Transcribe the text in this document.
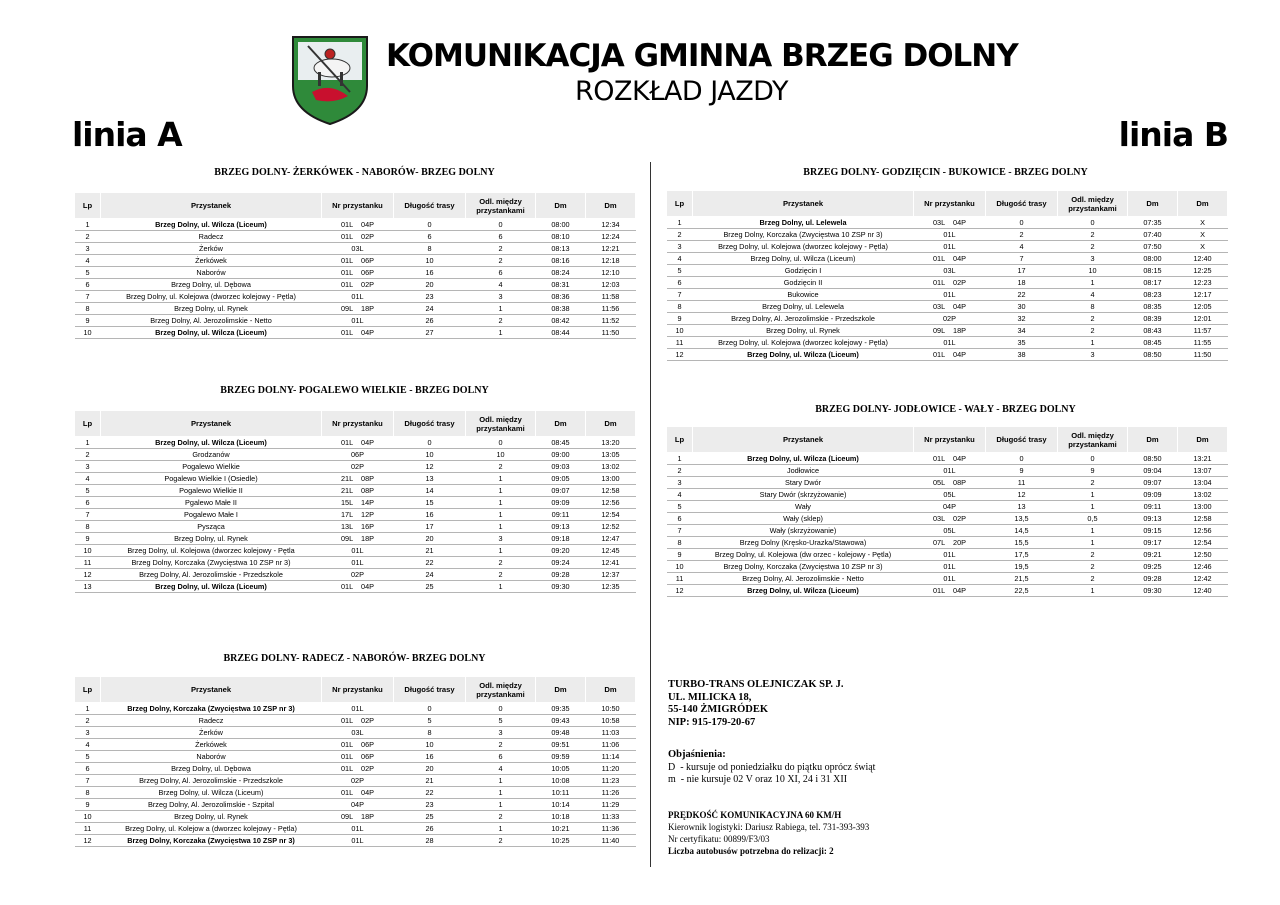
KOMUNIKACJA GMINNA BRZEG DOLNY
ROZKŁAD JAZDY
linia A	linia B
BRZEG DOLNY- ŻERKÓWEK - NABORÓW- BRZEG DOLNY
BRZEG DOLNY- POGALEWO WIELKIE - BRZEG DOLNY
BRZEG DOLNY- RADECZ - NABORÓW- BRZEG DOLNY
BRZEG DOLNY- GODZIĘCIN - BUKOWICE - BRZEG DOLNY
BRZEG DOLNY- JODŁOWICE - WAŁY - BRZEG DOLNY
Lp	Przystanek	Nr przystanku	Długość trasy	Odl. między przystankami	Dm	Dm
1	Brzeg Dolny, ul. Wilcza (Liceum)	01L    04P	0	0	08:00	12:34
2	Radecz	01L    02P	6	6	08:10	12:24
3	Żerków	03L	8	2	08:13	12:21
4	Żerkówek	01L    06P	10	2	08:16	12:18
5	Naborów	01L    06P	16	6	08:24	12:10
6	Brzeg Dolny, ul. Dębowa	01L    02P	20	4	08:31	12:03
7	Brzeg Dolny, ul. Kolejowa (dworzec kolejowy - Pętla)	01L	23	3	08:36	11:58
8	Brzeg Dolny, ul. Rynek	09L    18P	24	1	08:38	11:56
9	Brzeg Dolny, Al. Jerozolimskie - Netto	01L	26	2	08:42	11:52
10	Brzeg Dolny, ul. Wilcza (Liceum)	01L    04P	27	1	08:44	11:50
Lp	Przystanek	Nr przystanku	Długość trasy	Odl. między przystankami	Dm	Dm
1	Brzeg Dolny, ul. Wilcza (Liceum)	01L    04P	0	0	08:45	13:20
2	Grodzanów	06P	10	10	09:00	13:05
3	Pogalewo Wielkie	02P	12	2	09:03	13:02
4	Pogalewo Wielkie I (Osiedle)	21L    08P	13	1	09:05	13:00
5	Pogalewo Wielkie II	21L    08P	14	1	09:07	12:58
6	Pgalewo Małe II	15L    14P	15	1	09:09	12:56
7	Pogalewo Małe I	17L    12P	16	1	09:11	12:54
8	Pysząca	13L    16P	17	1	09:13	12:52
9	Brzeg Dolny, ul. Rynek	09L    18P	20	3	09:18	12:47
10	Brzeg Dolny, ul. Kolejowa (dworzec kolejowy - Pętla	01L	21	1	09:20	12:45
11	Brzeg Dolny, Korczaka (Zwycięstwa 10 ZSP nr 3)	01L	22	2	09:24	12:41
12	Brzeg Dolny, Al. Jerozolimskie - Przedszkole	02P	24	2	09:28	12:37
13	Brzeg Dolny, ul. Wilcza (Liceum)	01L    04P	25	1	09:30	12:35
Lp	Przystanek	Nr przystanku	Długość trasy	Odl. między przystankami	Dm	Dm
1	Brzeg Dolny, Korczaka (Zwycięstwa 10 ZSP nr 3)	01L	0	0	09:35	10:50
2	Radecz	01L    02P	5	5	09:43	10:58
3	Żerków	03L	8	3	09:48	11:03
4	Żerkówek	01L    06P	10	2	09:51	11:06
5	Naborów	01L    06P	16	6	09:59	11:14
6	Brzeg Dolny, ul. Dębowa	01L    02P	20	4	10:05	11:20
7	Brzeg Dolny, Al. Jerozolimskie - Przedszkole	02P	21	1	10:08	11:23
8	Brzeg Dolny, ul. Wilcza (Liceum)	01L    04P	22	1	10:11	11:26
9	Brzeg Dolny, Al. Jerozolimskie - Szpital	04P	23	1	10:14	11:29
10	Brzeg Dolny, ul. Rynek	09L    18P	25	2	10:18	11:33
11	Brzeg Dolny, ul. Kolejow a (dworzec kolejowy - Pętla)	01L	26	1	10:21	11:36
12	Brzeg Dolny, Korczaka (Zwycięstwa 10 ZSP nr 3)	01L	28	2	10:25	11:40
Lp	Przystanek	Nr przystanku	Długość trasy	Odl. między przystankami	Dm	Dm
1	Brzeg Dolny, ul. Lelewela	03L    04P	0	0	07:35	X
2	Brzeg Dolny, Korczaka (Zwycięstwa 10 ZSP nr 3)	01L	2	2	07:40	X
3	Brzeg Dolny, ul. Kolejowa (dworzec kolejowy - Pętla)	01L	4	2	07:50	X
4	Brzeg Dolny, ul. Wilcza (Liceum)	01L    04P	7	3	08:00	12:40
5	Godzięcin I	03L	17	10	08:15	12:25
6	Godzięcin II	01L    02P	18	1	08:17	12:23
7	Bukowice	01L	22	4	08:23	12:17
8	Brzeg Dolny, ul. Lelewela	03L    04P	30	8	08:35	12:05
9	Brzeg Dolny, Al. Jerozolimskie - Przedszkole	02P	32	2	08:39	12:01
10	Brzeg Dolny, ul. Rynek	09L    18P	34	2	08:43	11:57
11	Brzeg Dolny, ul. Kolejowa (dworzec kolejowy - Pętla)	01L	35	1	08:45	11:55
12	Brzeg Dolny, ul. Wilcza (Liceum)	01L    04P	38	3	08:50	11:50
Lp	Przystanek	Nr przystanku	Długość trasy	Odl. między przystankami	Dm	Dm
1	Brzeg Dolny, ul. Wilcza (Liceum)	01L    04P	0	0	08:50	13:21
2	Jodłowice	01L	9	9	09:04	13:07
3	Stary Dwór	05L    08P	11	2	09:07	13:04
4	Stary Dwór (skrzyżowanie)	05L	12	1	09:09	13:02
5	Wały	04P	13	1	09:11	13:00
6	Wały (sklep)	03L    02P	13,5	0,5	09:13	12:58
7	Wały (skrzyżowanie)	05L	14,5	1	09:15	12:56
8	Brzeg Dolny (Kręsko-Urazka/Stawowa)	07L    20P	15,5	1	09:17	12:54
9	Brzeg Dolny, ul. Kolejowa (dw orzec - kolejowy - Pętla)	01L	17,5	2	09:21	12:50
10	Brzeg Dolny, Korczaka (Zwycięstwa 10 ZSP nr 3)	01L	19,5	2	09:25	12:46
11	Brzeg Dolny, Al. Jerozolimskie - Netto	01L	21,5	2	09:28	12:42
12	Brzeg Dolny, ul. Wilcza (Liceum)	01L    04P	22,5	1	09:30	12:40
TURBO-TRANS OLEJNICZAK SP. J.
UL. MILICKA 18,
55-140 ŻMIGRÓDEK
NIP: 915-179-20-67
Objaśnienia:
D  - kursuje od poniedziałku do piątku oprócz świąt
m  - nie kursuje 02 V oraz 10 XI, 24 i 31 XII
PRĘDKOŚĆ KOMUNIKACYJNA 60 KM/H
Kierownik logistyki: Dariusz Rabiega, tel. 731-393-393
Nr certyfikatu: 00899/F3/03
Liczba autobusów potrzebna do relizacji: 2
